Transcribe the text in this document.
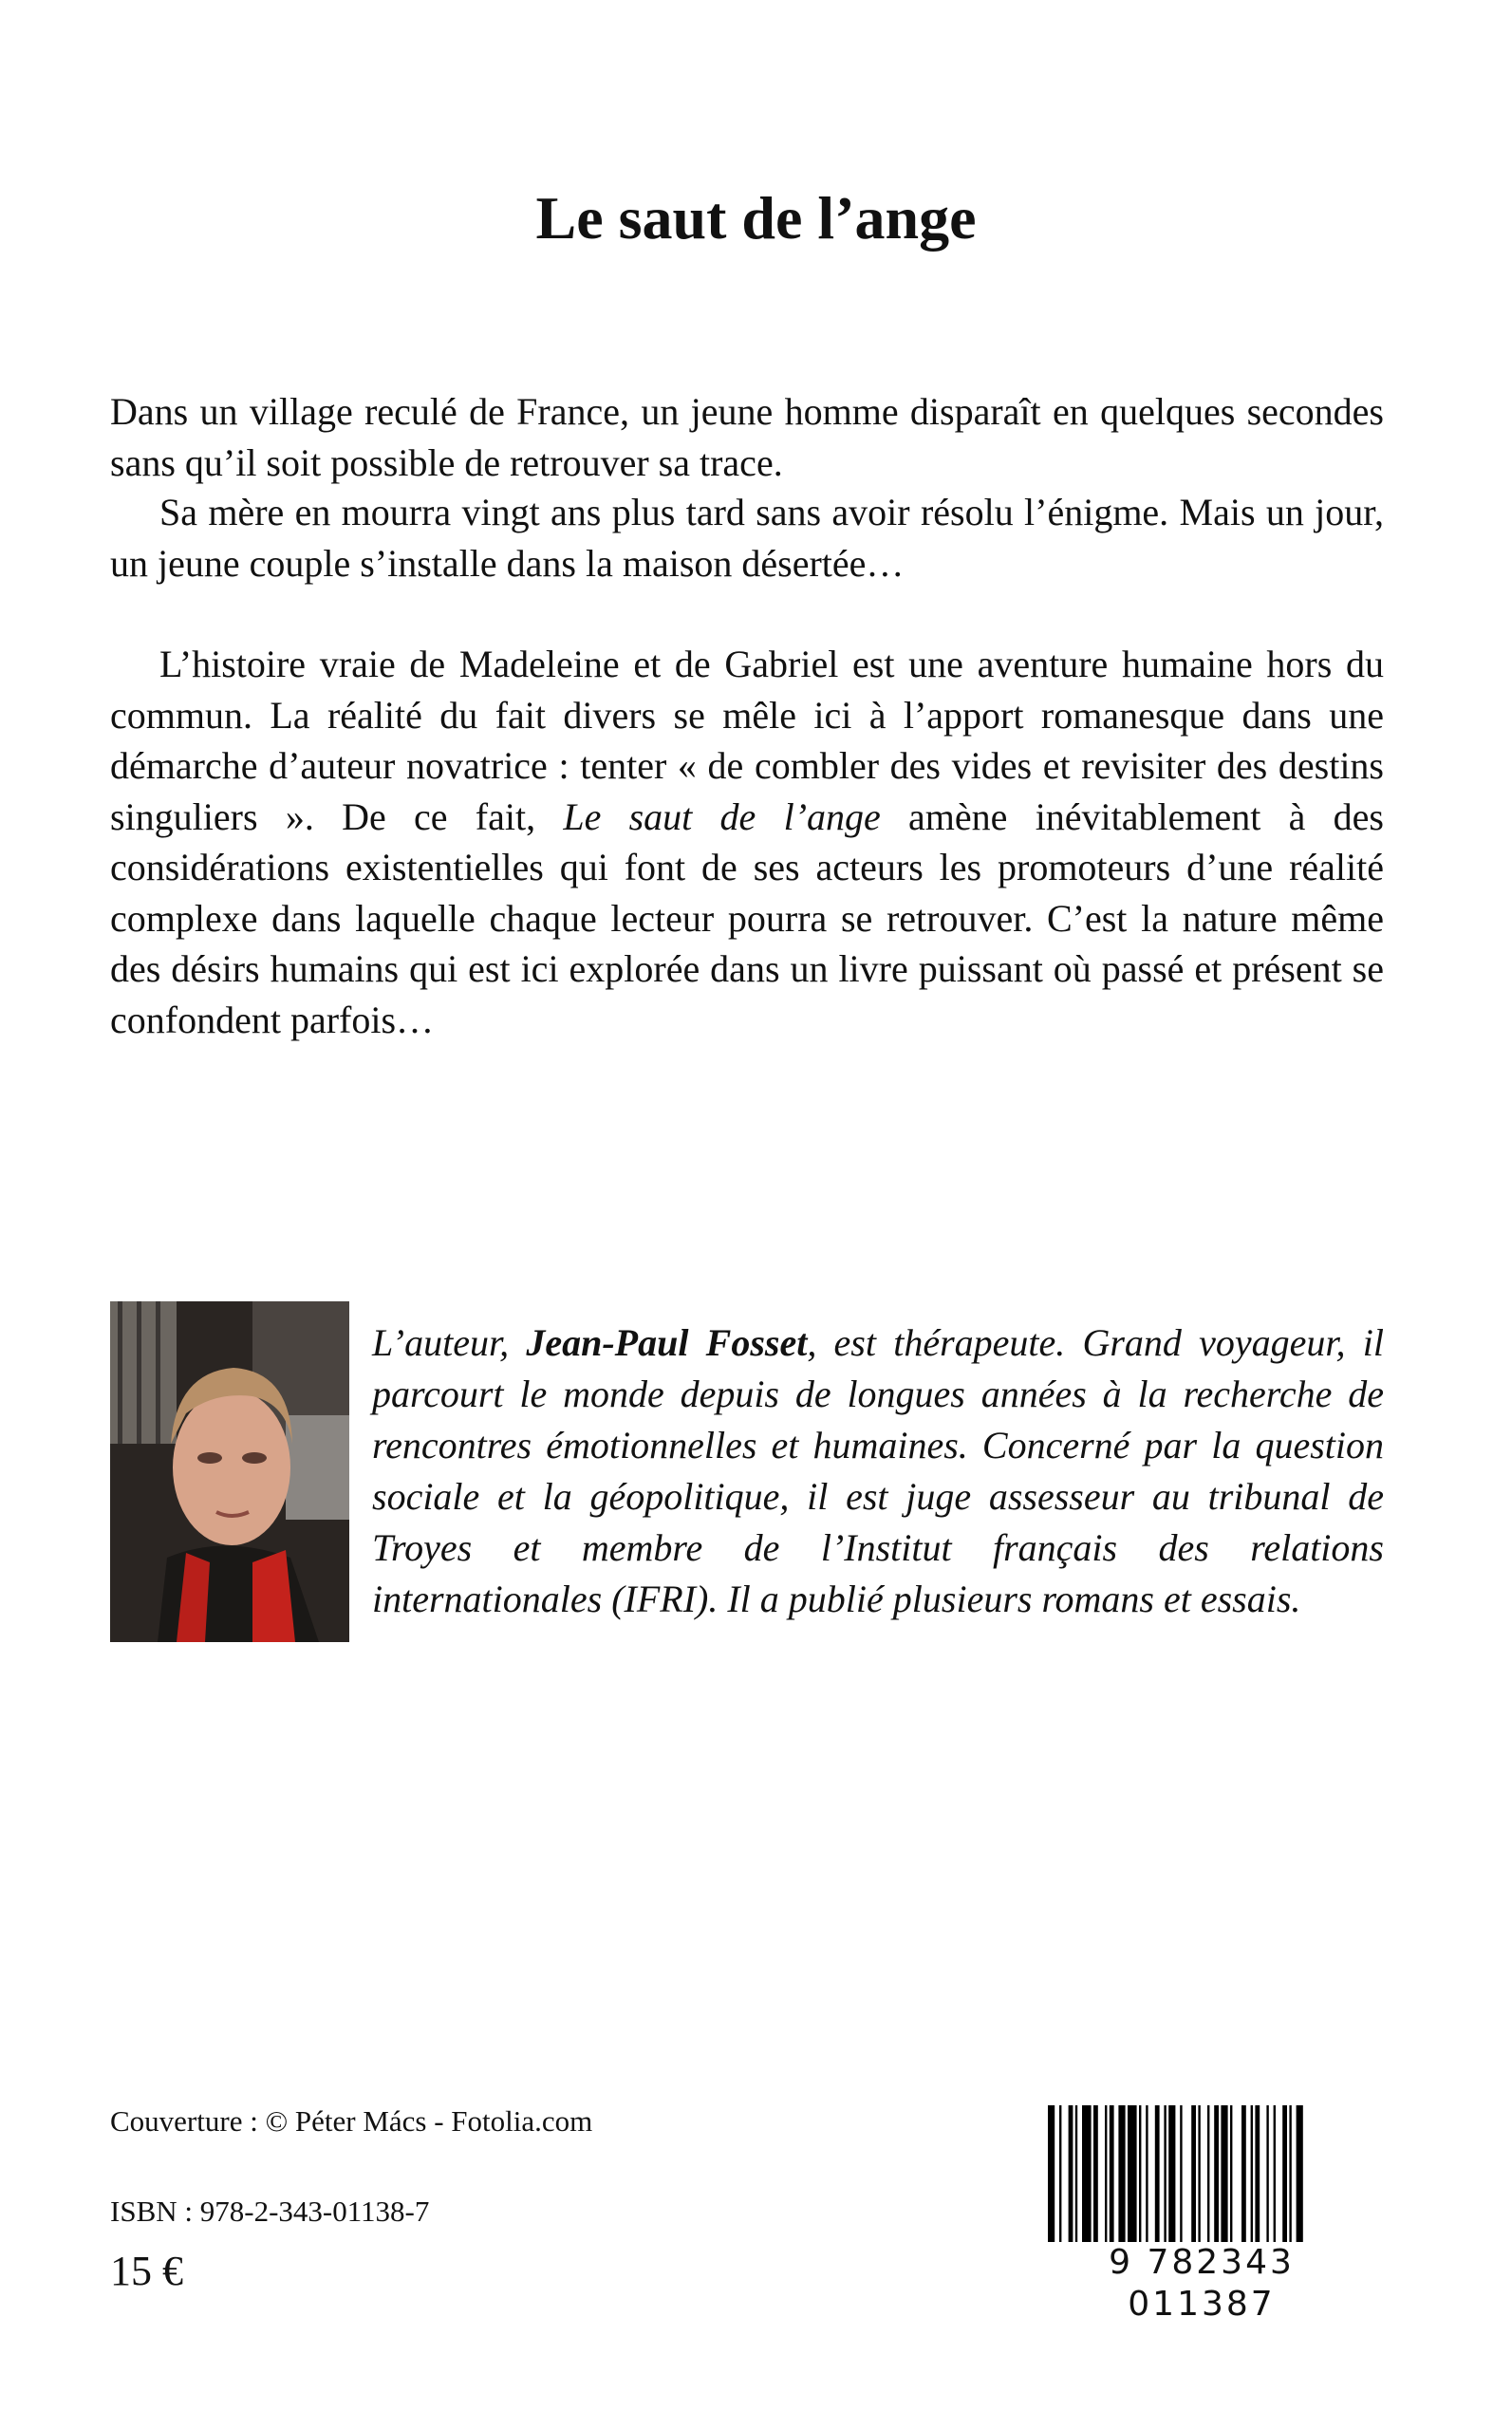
Le saut de l’ange

Dans un village reculé de France, un jeune homme disparaît en quelques secondes sans qu’il soit possible de retrouver sa trace.

Sa mère en mourra vingt ans plus tard sans avoir résolu l’énigme. Mais un jour, un jeune couple s’installe dans la maison désertée…

L’histoire vraie de Madeleine et de Gabriel est une aventure humaine hors du commun. La réalité du fait divers se mêle ici à l’apport romanesque dans une démarche d’auteur novatrice : tenter « de combler des vides et revisiter des destins singuliers ». De ce fait, Le saut de l’ange amène inévitablement à des considérations existentielles qui font de ses acteurs les promoteurs d’une réalité complexe dans laquelle chaque lecteur pourra se retrouver. C’est la nature même des désirs humains qui est ici explorée dans un livre puissant où passé et présent se confondent parfois…

L’auteur, Jean-Paul Fosset, est thérapeute. Grand voyageur, il parcourt le monde depuis de longues années à la recherche de rencontres émotionnelles et humaines. Concerné par la question sociale et la géopolitique, il est juge assesseur au tribunal de Troyes et membre de l’Institut français des relations internationales (IFRI). Il a publié plusieurs romans et essais.

Couverture : © Péter Mács - Fotolia.com
ISBN : 978-2-343-01138-7
15 €	9 782343 011387
